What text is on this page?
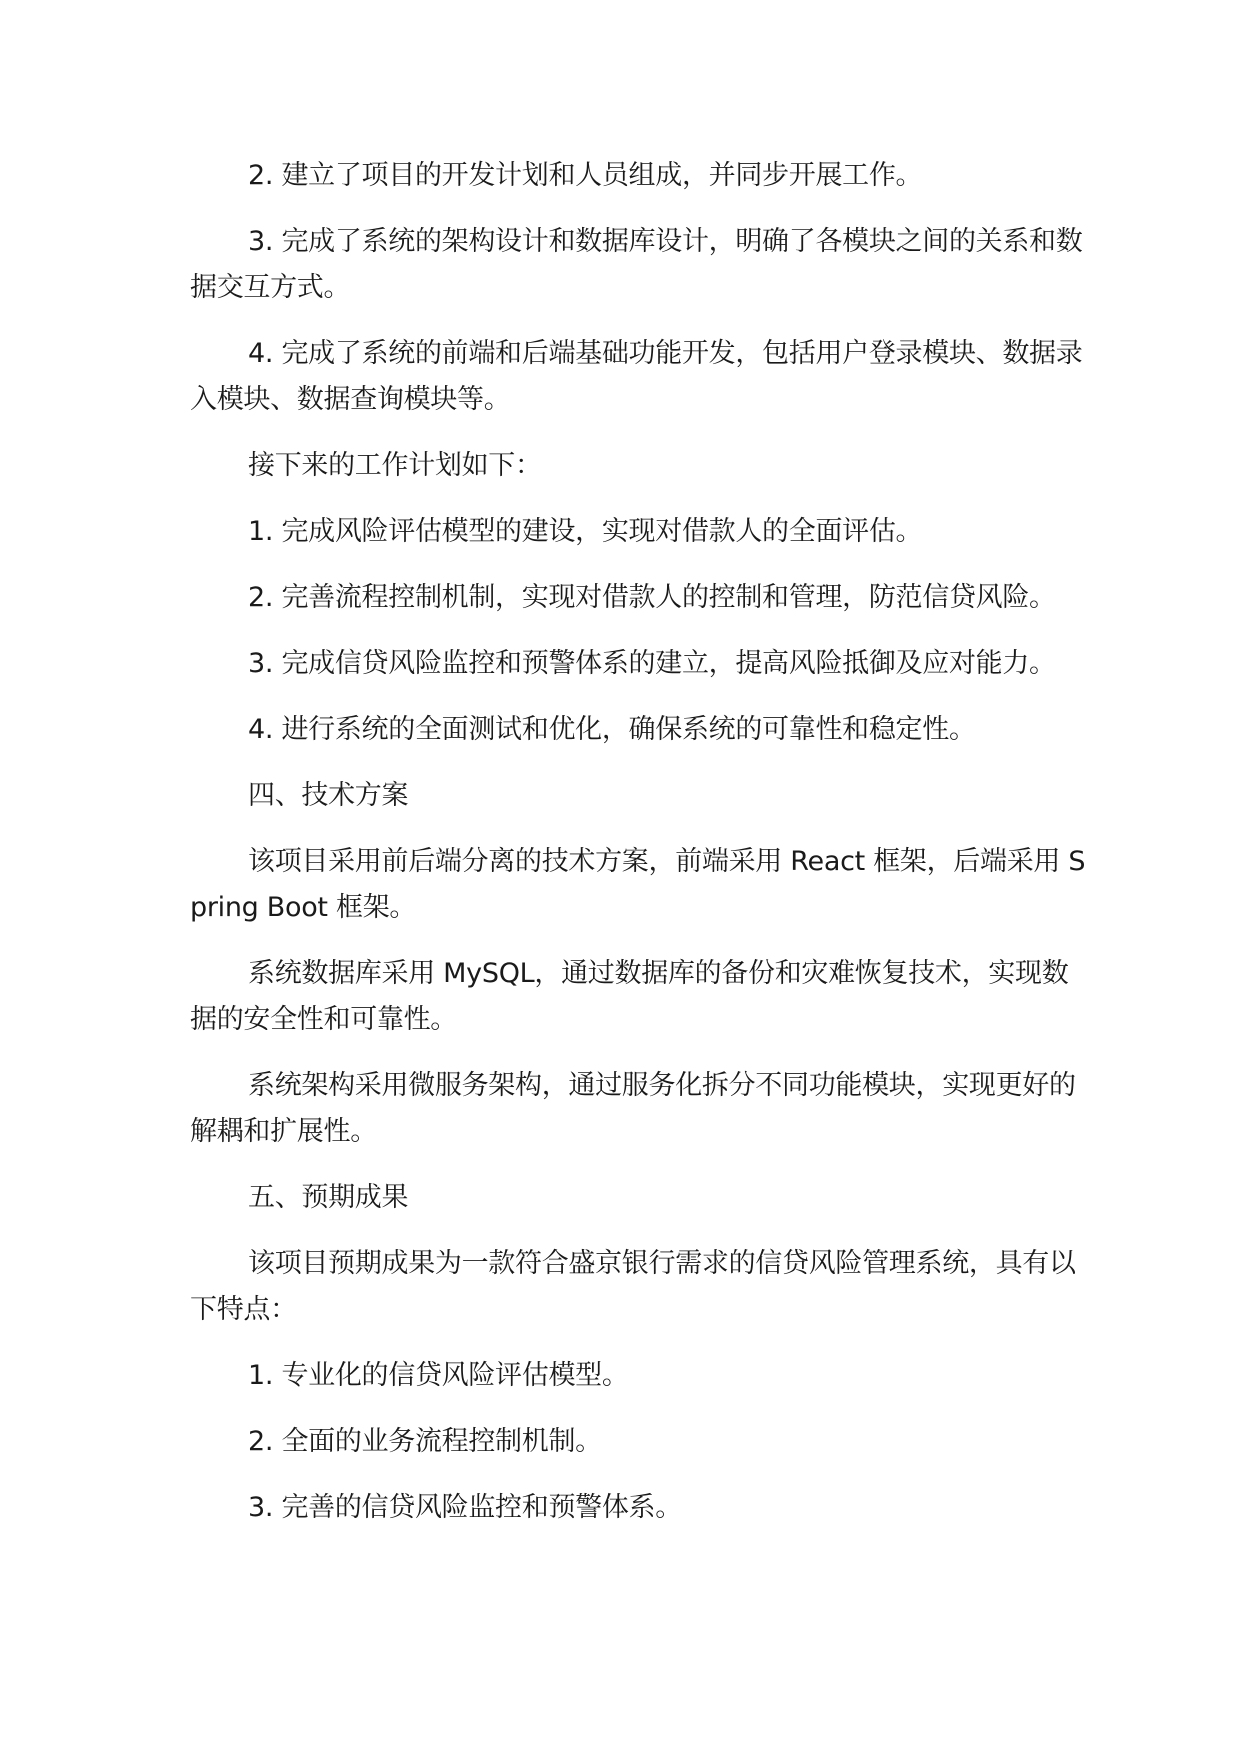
2. 建立了项目的开发计划和人员组成，并同步开展工作。

3. 完成了系统的架构设计和数据库设计，明确了各模块之间的关系和数据交互方式。

4. 完成了系统的前端和后端基础功能开发，包括用户登录模块、数据录入模块、数据查询模块等。

接下来的工作计划如下：

1. 完成风险评估模型的建设，实现对借款人的全面评估。

2. 完善流程控制机制，实现对借款人的控制和管理，防范信贷风险。

3. 完成信贷风险监控和预警体系的建立，提高风险抵御及应对能力。

4. 进行系统的全面测试和优化，确保系统的可靠性和稳定性。

四、技术方案

该项目采用前后端分离的技术方案，前端采用 React 框架，后端采用 Spring Boot 框架。

系统数据库采用 MySQL，通过数据库的备份和灾难恢复技术，实现数据的安全性和可靠性。

系统架构采用微服务架构，通过服务化拆分不同功能模块，实现更好的解耦和扩展性。

五、预期成果

该项目预期成果为一款符合盛京银行需求的信贷风险管理系统，具有以下特点：

1. 专业化的信贷风险评估模型。

2. 全面的业务流程控制机制。

3. 完善的信贷风险监控和预警体系。
